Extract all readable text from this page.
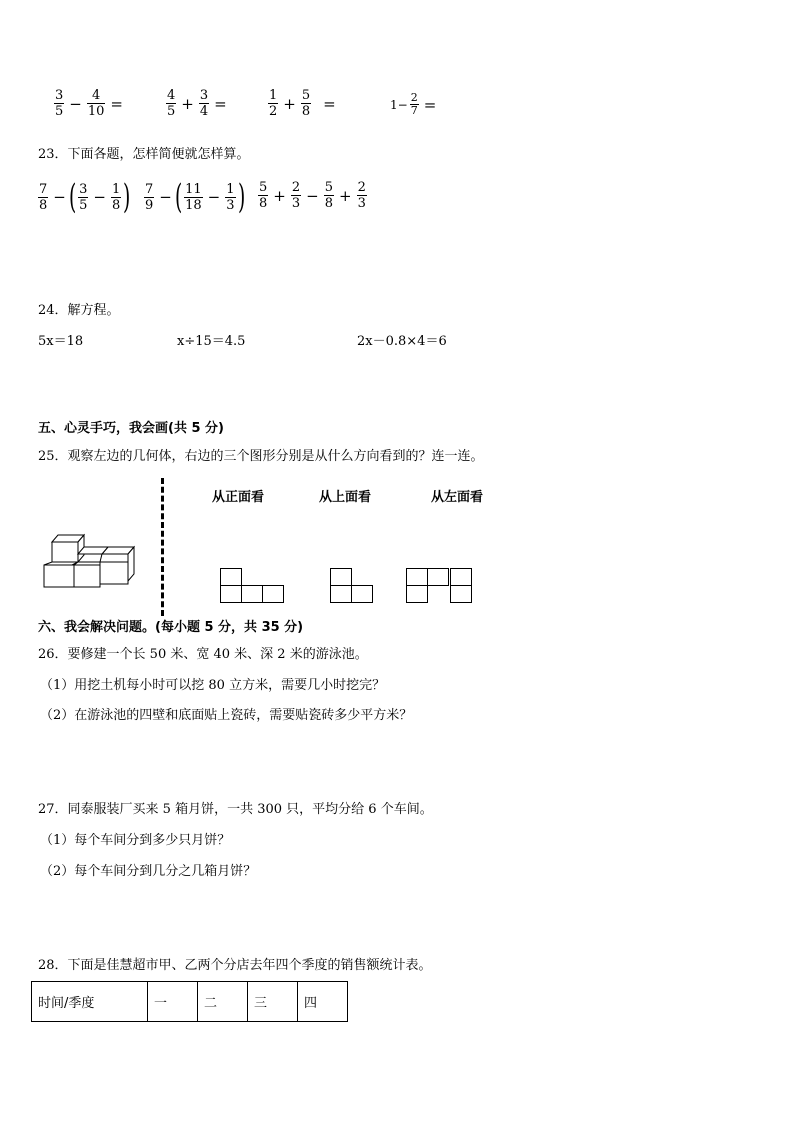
$\frac{3}{5} - \frac{4}{10}$ =	$\frac{4}{5} + \frac{3}{4}$ =	$\frac{1}{2} + \frac{5}{8}$ =	$1- \frac{2}{7}$ =
23．下面各题，怎样简便就怎样算。
$\frac{7}{8}$ − ( $\frac{3}{5} - \frac{1}{8}$ ) $\frac{7}{9}$ − ( $\frac{11}{18} - \frac{1}{3}$ ) $\frac{5}{8} + \frac{2}{3} - \frac{5}{8} + \frac{2}{3}$
24．解方程。
5x＝18	x÷15＝4.5	2x－0.8×4＝6
五、心灵手巧，我会画(共 5 分)
25．观察左边的几何体，右边的三个图形分别是从什么方向看到的？连一连。
从正面看	从上面看	从左面看
六、我会解决问题。(每小题 5 分，共 35 分)
26．要修建一个长 50 米、宽 40 米、深 2 米的游泳池。
（1）用挖土机每小时可以挖 80 立方米，需要几小时挖完？
（2）在游泳池的四壁和底面贴上瓷砖，需要贴瓷砖多少平方米？
27．同泰服装厂买来 5 箱月饼，一共 300 只，平均分给 6 个车间。
（1）每个车间分到多少只月饼？
（2）每个车间分到几分之几箱月饼？
28．下面是佳慧超市甲、乙两个分店去年四个季度的销售额统计表。
时间/季度	一	二	三	四
